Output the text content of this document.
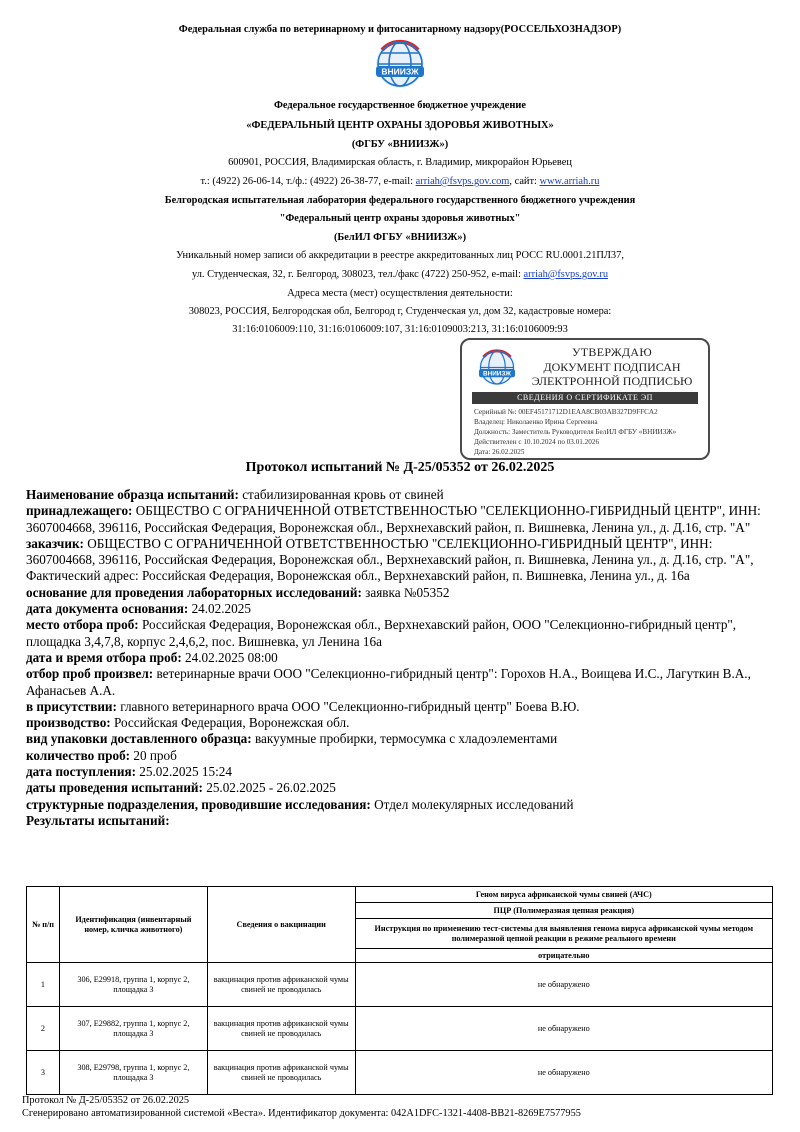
Федеральная служба по ветеринарному и фитосанитарному надзору(РОССЕЛЬХОЗНАДЗОР)
ВНИИЗЖ
Федеральное государственное бюджетное учреждение
«ФЕДЕРАЛЬНЫЙ ЦЕНТР ОХРАНЫ ЗДОРОВЬЯ ЖИВОТНЫХ»
(ФГБУ «ВНИИЗЖ»)
600901, РОССИЯ, Владимирская область, г. Владимир, микрорайон Юрьевец
т.: (4922) 26-06-14, т./ф.: (4922) 26-38-77, e-mail: arriah@fsvps.gov.com, сайт: www.arriah.ru
Белгородская испытательная лаборатория федерального государственного бюджетного учреждения
"Федеральный центр охраны здоровья животных"
(БелИЛ ФГБУ «ВНИИЗЖ»)
Уникальный номер записи об аккредитации в реестре аккредитованных лиц РОСС RU.0001.21ПЛ37,
ул. Студенческая, 32, г. Белгород, 308023, тел./факс (4722) 250-952, e-mail: arriah@fsvps.gov.ru
Адреса места (мест) осуществления деятельности:
308023, РОССИЯ, Белгородская обл, Белгород г, Студенческая ул, дом 32, кадастровые номера:
31:16:0106009:110, 31:16:0106009:107, 31:16:0109003:213, 31:16:0106009:93
ВНИИЗЖ
УТВЕРЖДАЮ
ДОКУМЕНТ ПОДПИСАН
ЭЛЕКТРОННОЙ ПОДПИСЬЮ
СВЕДЕНИЯ О СЕРТИФИКАТЕ ЭП
Серийный №: 00EF45171712D1EAA8CB03AB327D9FFCA2
Владелец: Николаенко Ирина Сергеевна
Должность: Заместитель Руководителя БелИЛ ФГБУ «ВНИИЗЖ»
Действителен с 10.10.2024 по 03.01.2026
Дата: 26.02.2025
Протокол испытаний № Д-25/05352 от 26.02.2025

Наименование образца испытаний: стабилизированная кровь от свиней

принадлежащего: ОБЩЕСТВО С ОГРАНИЧЕННОЙ ОТВЕТСТВЕННОСТЬЮ "СЕЛЕКЦИОННО-ГИБРИДНЫЙ ЦЕНТР", ИНН: 3607004668, 396116, Российская Федерация, Воронежская обл., Верхнехавский район, п. Вишневка, Ленина ул., д. Д.16, стр. "А"

заказчик: ОБЩЕСТВО С ОГРАНИЧЕННОЙ ОТВЕТСТВЕННОСТЬЮ "СЕЛЕКЦИОННО-ГИБРИДНЫЙ ЦЕНТР", ИНН: 3607004668, 396116, Российская Федерация, Воронежская обл., Верхнехавский район, п. Вишневка, Ленина ул., д. Д.16, стр. "А", Фактический адрес: Российская Федерация, Воронежская обл., Верхнехавский район, п. Вишневка, Ленина ул., д. 16а

основание для проведения лабораторных исследований: заявка №05352

дата документа основания: 24.02.2025

место отбора проб: Российская Федерация, Воронежская обл., Верхнехавский район, ООО "Селекционно-гибридный центр", площадка 3,4,7,8, корпус 2,4,6,2, пос. Вишневка, ул Ленина 16а

дата и время отбора проб: 24.02.2025 08:00

отбор проб произвел: ветеринарные врачи ООО "Селекционно-гибридный центр": Горохов Н.А., Воищева И.С., Лагуткин В.А., Афанасьев А.А.

в присутствии: главного ветеринарного врача ООО "Селекционно-гибридный центр" Боева В.Ю.

производство: Российская Федерация, Воронежская обл.

вид упаковки доставленного образца: вакуумные пробирки, термосумка с хладоэлементами

количество проб: 20 проб

дата поступления: 25.02.2025 15:24

даты проведения испытаний: 25.02.2025 - 26.02.2025

структурные подразделения, проводившие исследования: Отдел молекулярных исследований

Результаты испытаний:

№ п/п	Идентификация (инвентарный номер, кличка животного)	Сведения о вакцинации	Геном вируса африканской чумы свиней (АЧС)
			ПЦР (Полимеразная цепная реакция)
			Инструкция по применению тест-системы для выявления генома вируса африканской чумы методом полимеразной цепной реакции в режиме реального времени
			отрицательно
1	306, E29918, группа 1, корпус 2, площадка 3	вакцинация против африканской чумы свиней не проводилась	не обнаружено
2	307, E29882, группа 1, корпус 2, площадка 3	вакцинация против африканской чумы свиней не проводилась	не обнаружено
3	308, E29798, группа 1, корпус 2, площадка 3	вакцинация против африканской чумы свиней не проводилась	не обнаружено
Протокол № Д-25/05352 от 26.02.2025
Сгенерировано автоматизированной системой «Веста». Идентификатор документа: 042A1DFC-1321-4408-BB21-8269E7577955
